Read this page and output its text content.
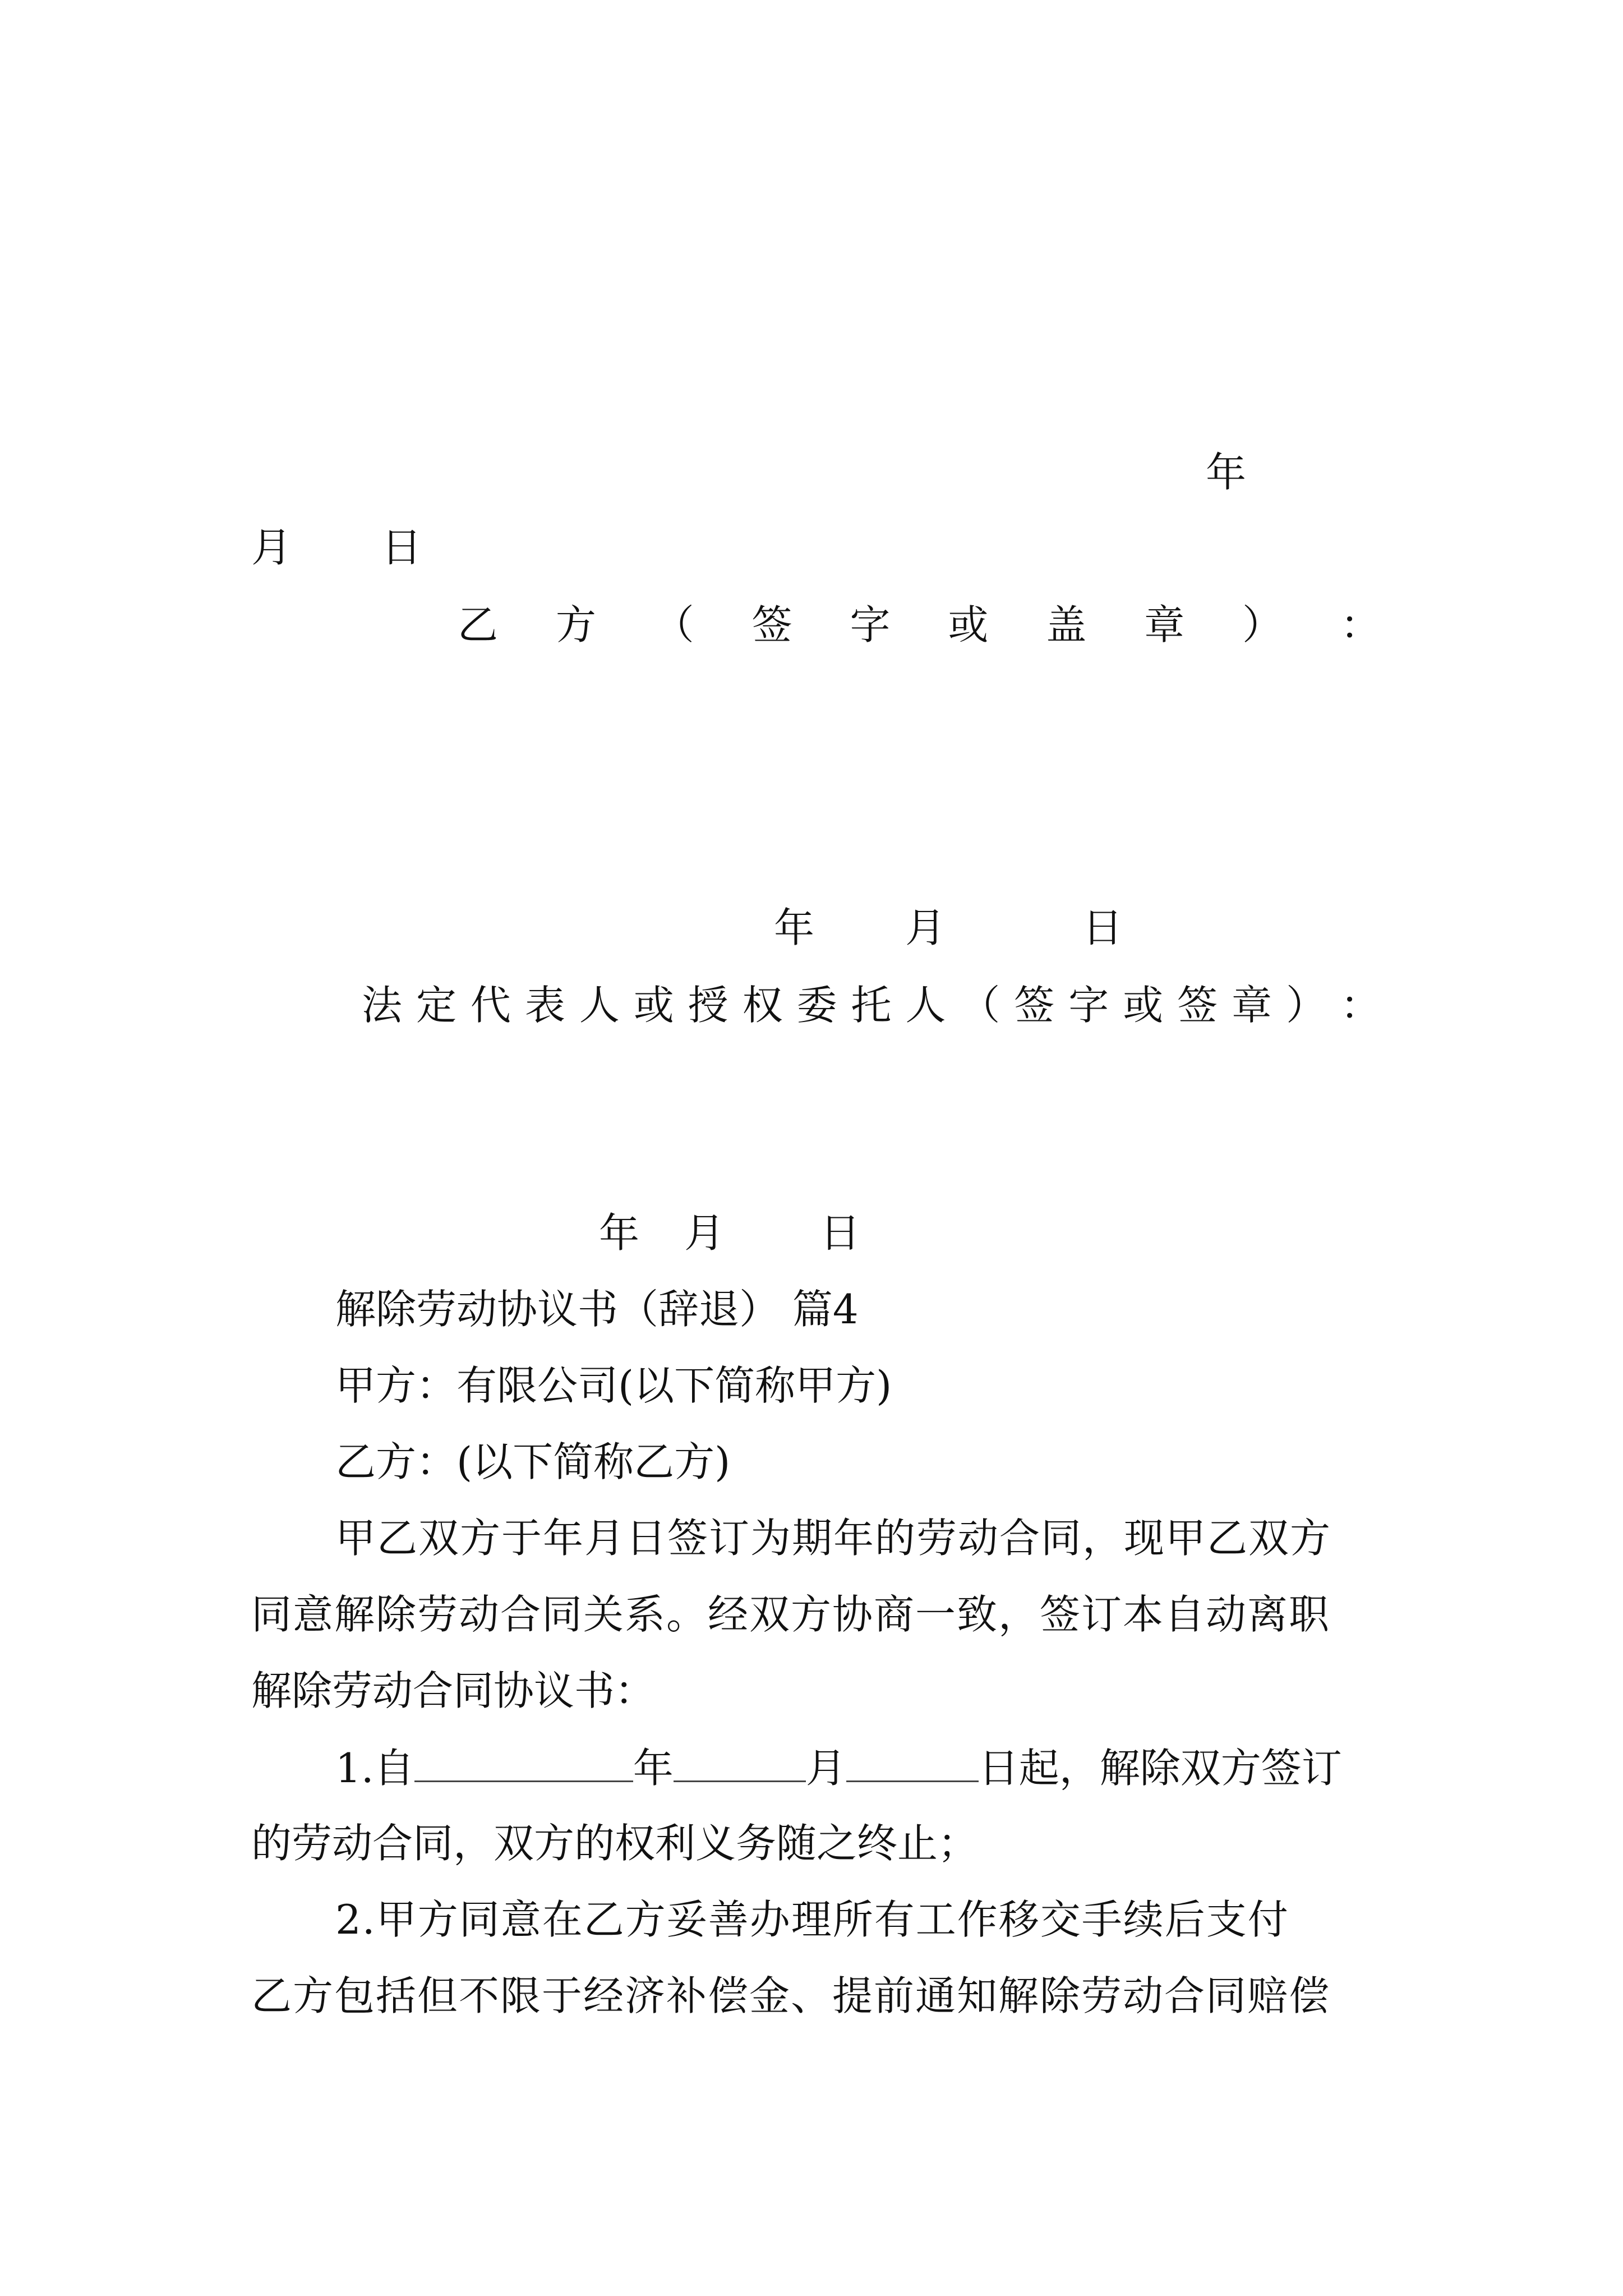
年
月 日
乙 方 （ 签 字 或 盖 章 ） ：
年 月	日
法 定 代 表 人 或 授 权 委 托 人 （ 签 字 或 签 章 ） ：
年 月 日
解除劳动协议书（辞退） 篇4
甲方：有限公司(以下简称甲方)
乙方：(以下简称乙方)
甲乙双方于年月日签订为期年的劳动合同，现甲乙双方
同意解除劳动合同关系。经双方协商一致，签订本自动离职
解除劳动合同协议书：
1.自	年	月	日起，解除双方签订
的劳动合同，双方的权利义务随之终止；
2.甲方同意在乙方妥善办理所有工作移交手续后支付
乙方包括但不限于经济补偿金、提前通知解除劳动合同赔偿
